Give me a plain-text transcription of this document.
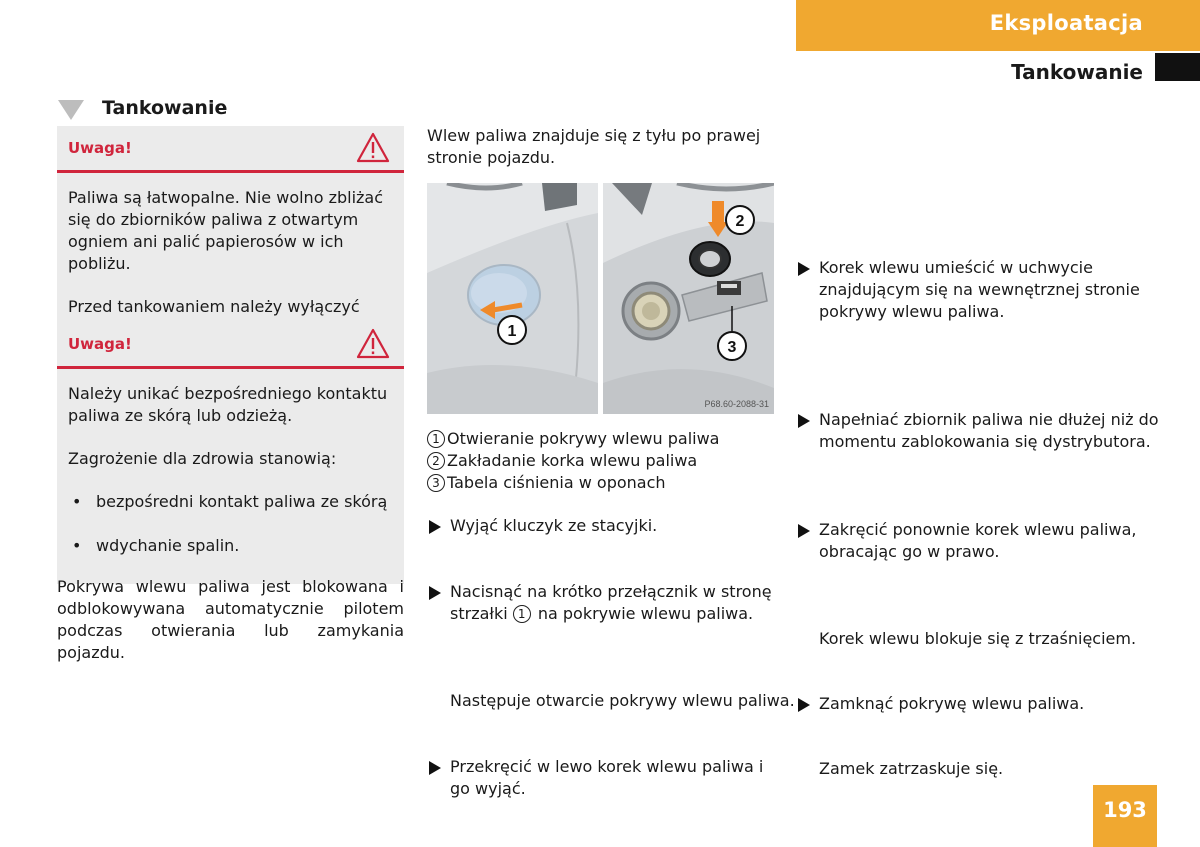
Eksploatacja
Tankowanie
Tankowanie
Uwaga!

Paliwa są łatwopalne. Nie wolno zbliżać się do zbiorników paliwa z otwartym ogniem ani palić papierosów w ich pobliżu.

Przed tankowaniem należy wyłączyć

Uwaga!

Należy unikać bezpośredniego kontaktu paliwa ze skórą lub odzieżą.

Zagrożenie dla zdrowia stanowią:

• bezpośredni kontakt paliwa ze skórą
• wdychanie spalin.
Pokrywa wlewu paliwa jest blokowana i odblokowywana automatycznie pilotem podczas otwierania lub zamykania pojazdu.
Wlew paliwa znajduje się z tyłu po prawej stronie pojazdu.
1
2
3
P68.60-2088-31
1 Otwieranie pokrywy wlewu paliwa
2 Zakładanie korka wlewu paliwa
3 Tabela ciśnienia w oponach
Wyjąć kluczyk ze stacyjki.
Nacisnąć na krótko przełącznik w stronę strzałki 1 na pokrywie wlewu paliwa.
Następuje otwarcie pokrywy wlewu paliwa.
Przekręcić w lewo korek wlewu paliwa i go wyjąć.
Korek wlewu umieścić w uchwycie znajdującym się na wewnętrznej stronie pokrywy wlewu paliwa.
Napełniać zbiornik paliwa nie dłużej niż do momentu zablokowania się dystrybutora.
Zakręcić ponownie korek wlewu paliwa, obracając go w prawo.
Korek wlewu blokuje się z trzaśnięciem.
Zamknąć pokrywę wlewu paliwa.
Zamek zatrzaskuje się.
193
